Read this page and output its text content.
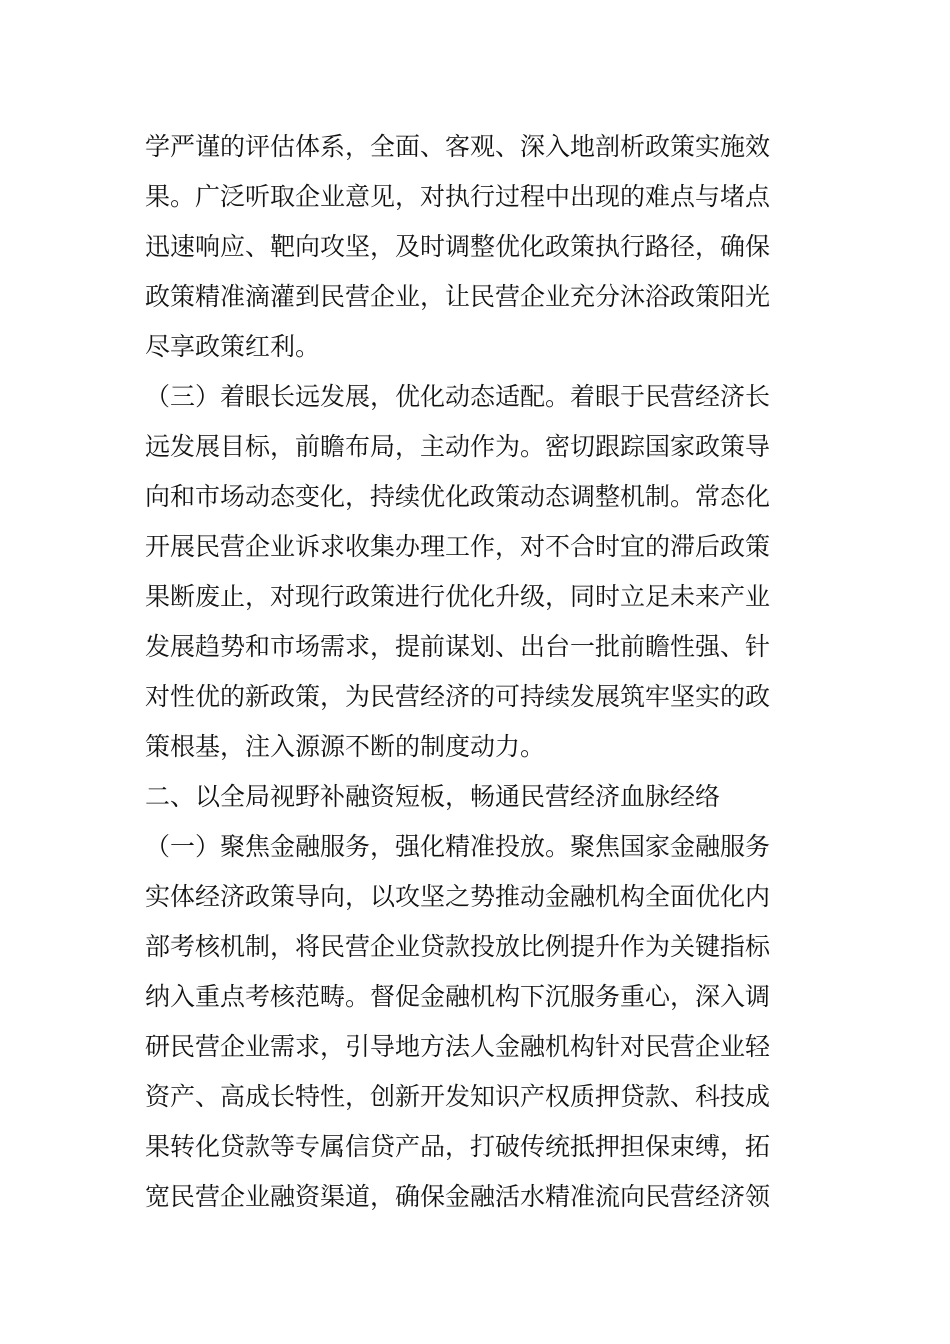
学严谨的评估体系，全面、客观、深入地剖析政策实施效
果。广泛听取企业意见，对执行过程中出现的难点与堵点
迅速响应、靶向攻坚，及时调整优化政策执行路径，确保
政策精准滴灌到民营企业，让民营企业充分沐浴政策阳光
尽享政策红利。
（三）着眼长远发展，优化动态适配。着眼于民营经济长
远发展目标，前瞻布局，主动作为。密切跟踪国家政策导
向和市场动态变化，持续优化政策动态调整机制。常态化
开展民营企业诉求收集办理工作，对不合时宜的滞后政策
果断废止，对现行政策进行优化升级，同时立足未来产业
发展趋势和市场需求，提前谋划、出台一批前瞻性强、针
对性优的新政策，为民营经济的可持续发展筑牢坚实的政
策根基，注入源源不断的制度动力。
二、以全局视野补融资短板，畅通民营经济血脉经络
（一）聚焦金融服务，强化精准投放。聚焦国家金融服务
实体经济政策导向，以攻坚之势推动金融机构全面优化内
部考核机制，将民营企业贷款投放比例提升作为关键指标
纳入重点考核范畴。督促金融机构下沉服务重心，深入调
研民营企业需求，引导地方法人金融机构针对民营企业轻
资产、高成长特性，创新开发知识产权质押贷款、科技成
果转化贷款等专属信贷产品，打破传统抵押担保束缚，拓
宽民营企业融资渠道，确保金融活水精准流向民营经济领
